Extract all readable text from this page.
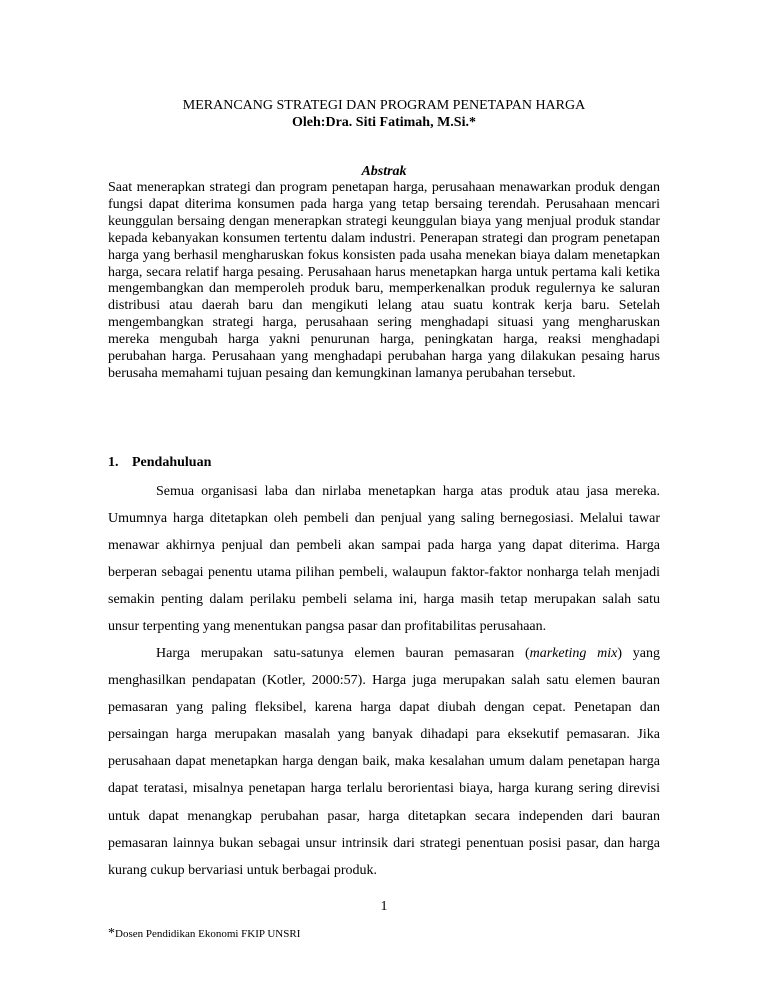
MERANCANG STRATEGI DAN PROGRAM PENETAPAN HARGA
Oleh:Dra. Siti Fatimah, M.Si.*
Abstrak

Saat menerapkan strategi dan program penetapan harga, perusahaan menawarkan produk dengan fungsi dapat diterima konsumen pada harga yang tetap bersaing terendah. Perusahaan mencari keunggulan bersaing dengan menerapkan strategi keunggulan biaya yang menjual produk standar kepada kebanyakan konsumen tertentu dalam industri. Penerapan strategi dan program penetapan harga yang berhasil mengharuskan fokus konsisten pada usaha menekan biaya dalam menetapkan harga, secara relatif harga pesaing. Perusahaan harus menetapkan harga untuk pertama kali ketika mengembangkan dan memperoleh produk baru, memperkenalkan produk regulernya ke saluran distribusi atau daerah baru dan mengikuti lelang atau suatu kontrak kerja baru. Setelah mengembangkan strategi harga, perusahaan sering menghadapi situasi yang mengharuskan mereka mengubah harga yakni penurunan harga, peningkatan harga, reaksi menghadapi perubahan harga. Perusahaan yang menghadapi perubahan harga yang dilakukan pesaing harus berusaha memahami tujuan pesaing dan kemungkinan lamanya perubahan tersebut.

1. Pendahuluan

Semua organisasi laba dan nirlaba menetapkan harga atas produk atau jasa mereka. Umumnya harga ditetapkan oleh pembeli dan penjual yang saling bernegosiasi. Melalui tawar menawar akhirnya penjual dan pembeli akan sampai pada harga yang dapat diterima. Harga berperan sebagai penentu utama pilihan pembeli, walaupun faktor-faktor nonharga telah menjadi semakin penting dalam perilaku pembeli selama ini, harga masih tetap merupakan salah satu unsur terpenting yang menentukan pangsa pasar dan profitabilitas perusahaan.

Harga merupakan satu-satunya elemen bauran pemasaran (marketing mix) yang menghasilkan pendapatan (Kotler, 2000:57). Harga juga merupakan salah satu elemen bauran pemasaran yang paling fleksibel, karena harga dapat diubah dengan cepat. Penetapan dan persaingan harga merupakan masalah yang banyak dihadapi para eksekutif pemasaran. Jika perusahaan dapat menetapkan harga dengan baik, maka kesalahan umum dalam penetapan harga dapat teratasi, misalnya penetapan harga terlalu berorientasi biaya, harga kurang sering direvisi untuk dapat menangkap perubahan pasar, harga ditetapkan secara independen dari bauran pemasaran lainnya bukan sebagai unsur intrinsik dari strategi penentuan posisi pasar, dan harga kurang cukup bervariasi untuk berbagai produk.

1
*Dosen Pendidikan Ekonomi FKIP UNSRI
